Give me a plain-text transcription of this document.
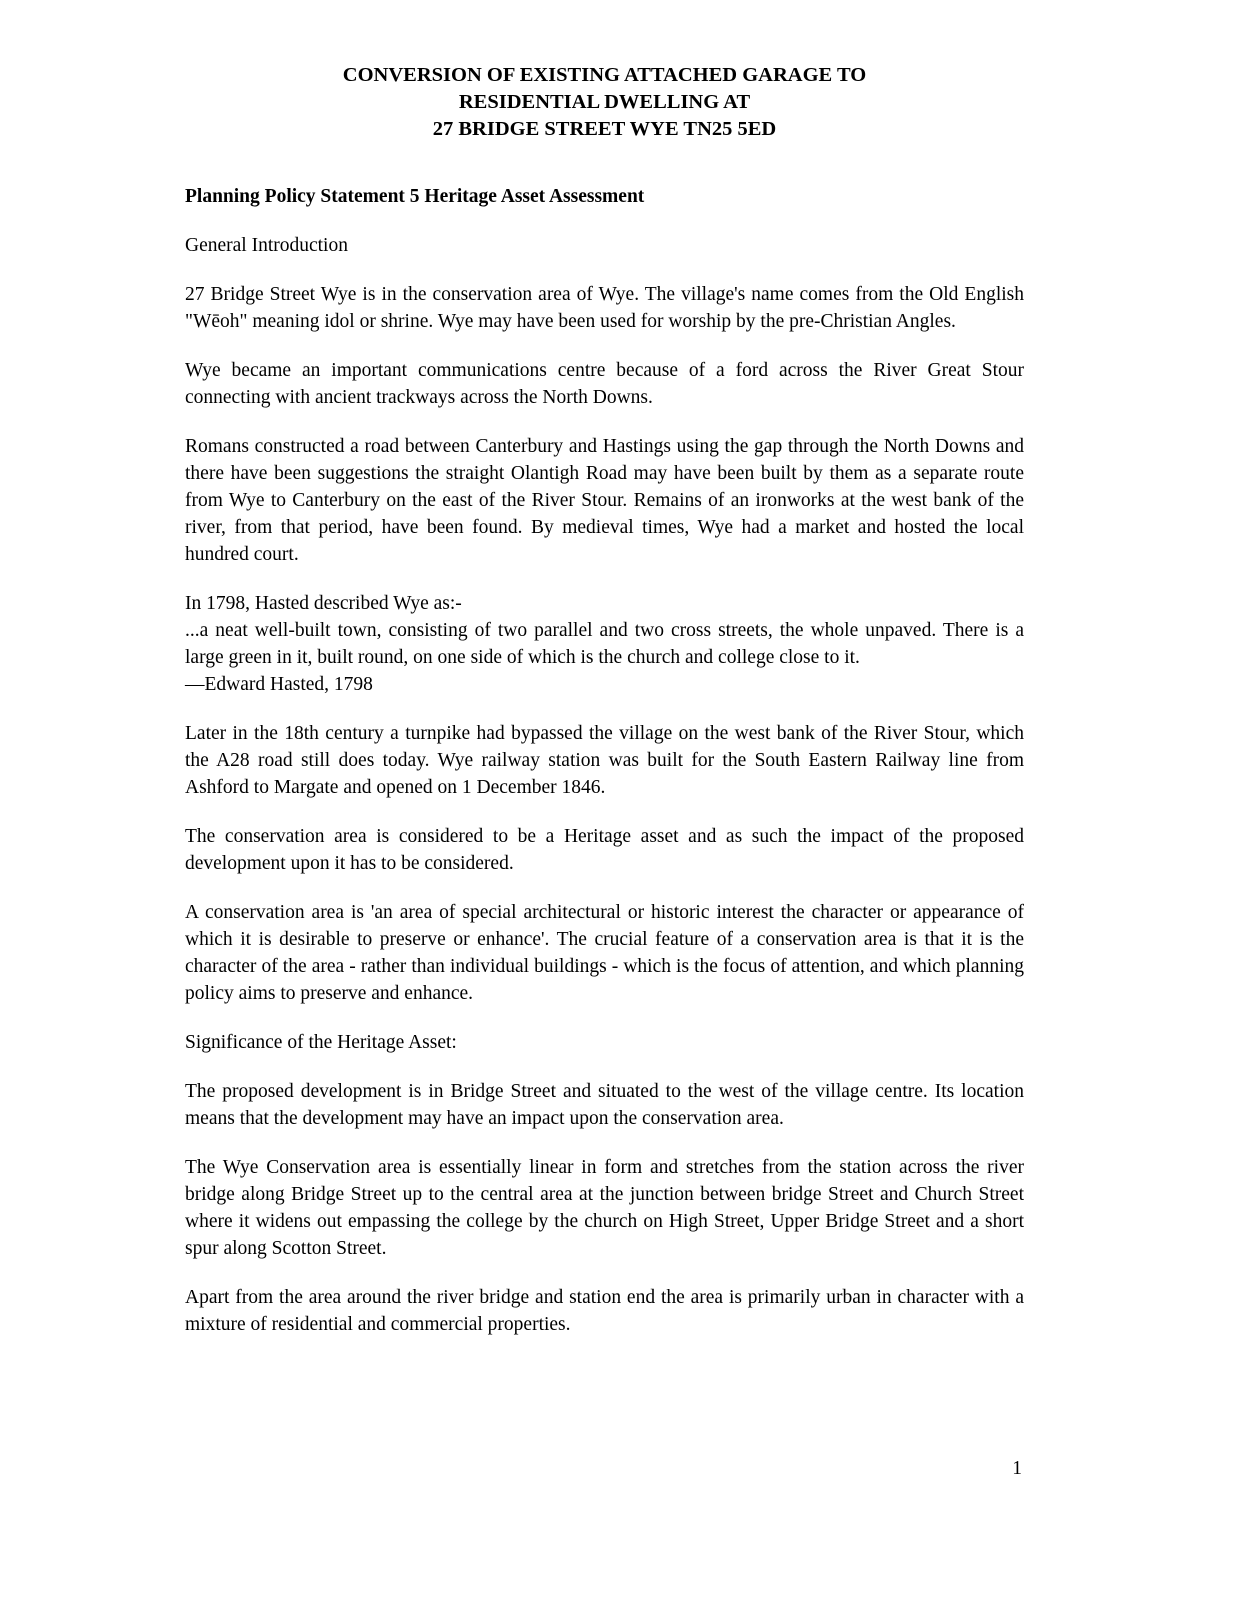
CONVERSION OF EXISTING ATTACHED GARAGE TO
RESIDENTIAL DWELLING AT
27 BRIDGE STREET WYE TN25 5ED

Planning Policy Statement 5 Heritage Asset Assessment

General Introduction

27 Bridge Street Wye is in the conservation area of Wye. The village's name comes from the Old English "Wēoh" meaning idol or shrine. Wye may have been used for worship by the pre-Christian Angles.

Wye became an important communications centre because of a ford across the River Great Stour connecting with ancient trackways across the North Downs.

Romans constructed a road between Canterbury and Hastings using the gap through the North Downs and there have been suggestions the straight Olantigh Road may have been built by them as a separate route from Wye to Canterbury on the east of the River Stour. Remains of an ironworks at the west bank of the river, from that period, have been found. By medieval times, Wye had a market and hosted the local hundred court.

In 1798, Hasted described Wye as:-
...a neat well-built town, consisting of two parallel and two cross streets, the whole unpaved. There is a large green in it, built round, on one side of which is the church and college close to it.
—Edward Hasted, 1798

Later in the 18th century a turnpike had bypassed the village on the west bank of the River Stour, which the A28 road still does today. Wye railway station was built for the South Eastern Railway line from Ashford to Margate and opened on 1 December 1846.

The conservation area is considered to be a Heritage asset and as such the impact of the proposed development upon it has to be considered.

A conservation area is 'an area of special architectural or historic interest the character or appearance of which it is desirable to preserve or enhance'. The crucial feature of a conservation area is that it is the character of the area - rather than individual buildings - which is the focus of attention, and which planning policy aims to preserve and enhance.

Significance of the Heritage Asset:

The proposed development is in Bridge Street and situated to the west of the village centre. Its location means that the development may have an impact upon the conservation area.

The Wye Conservation area is essentially linear in form and stretches from the station across the river bridge along Bridge Street up to the central area at the junction between bridge Street and Church Street where it widens out empassing the college by the church on High Street, Upper Bridge Street and a short spur along Scotton Street.

Apart from the area around the river bridge and station end the area is primarily urban in character with a mixture of residential and commercial properties.

1
